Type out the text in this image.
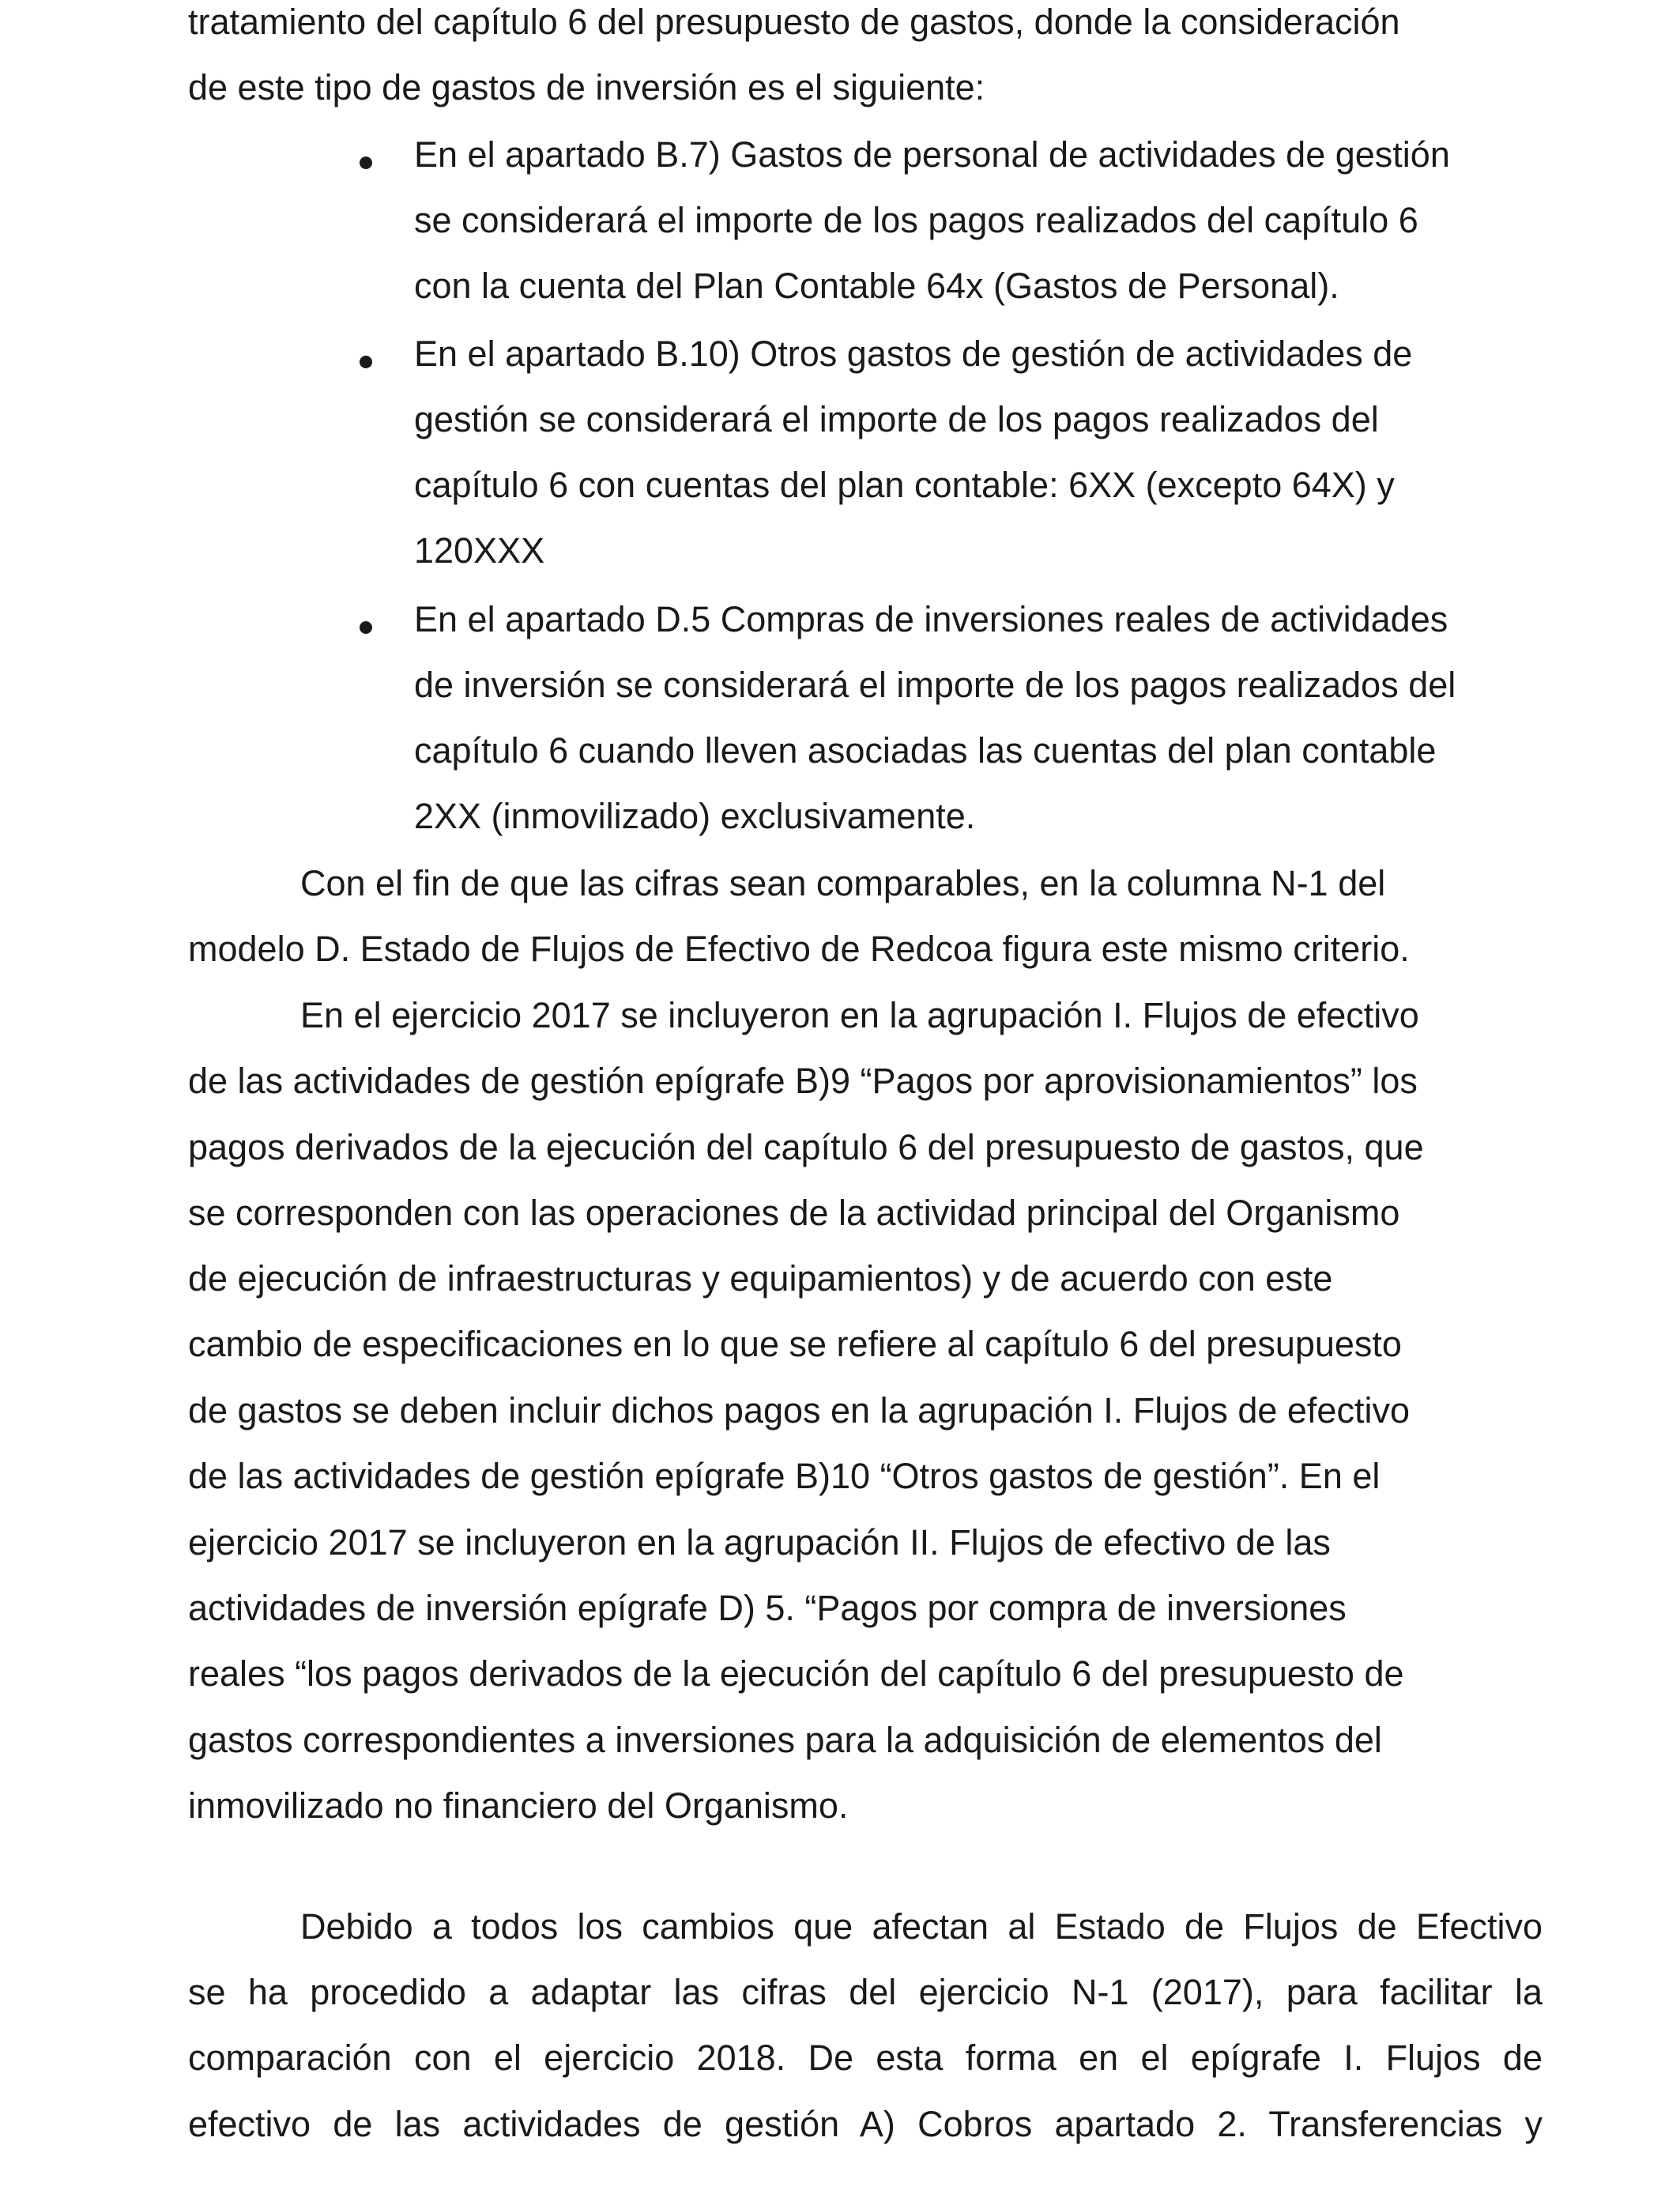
tratamiento del capítulo 6 del presupuesto de gastos, donde la consideración
de este tipo de gastos de inversión es el siguiente:
En el apartado B.7) Gastos de personal de actividades de gestión
se considerará el importe de los pagos realizados del capítulo 6
con la cuenta del Plan Contable 64x (Gastos de Personal).
En el apartado B.10) Otros gastos de gestión de actividades de
gestión se considerará el importe de los pagos realizados del
capítulo 6 con cuentas del plan contable: 6XX (excepto 64X) y
120XXX
En el apartado D.5 Compras de inversiones reales de actividades
de inversión se considerará el importe de los pagos realizados del
capítulo 6 cuando lleven asociadas las cuentas del plan contable
2XX (inmovilizado) exclusivamente.
Con el fin de que las cifras sean comparables, en la columna N-1 del
modelo D. Estado de Flujos de Efectivo de Redcoa figura este mismo criterio.
En el ejercicio 2017 se incluyeron en la agrupación I. Flujos de efectivo
de las actividades de gestión epígrafe B)9 “Pagos por aprovisionamientos” los
pagos derivados de la ejecución del capítulo 6 del presupuesto de gastos, que
se corresponden con las operaciones de la actividad principal del Organismo
de ejecución de infraestructuras y equipamientos) y de acuerdo con este
cambio de especificaciones en lo que se refiere al capítulo 6 del presupuesto
de gastos se deben incluir dichos pagos en la agrupación I. Flujos de efectivo
de las actividades de gestión epígrafe B)10 “Otros gastos de gestión”. En el
ejercicio 2017 se incluyeron en la agrupación II. Flujos de efectivo de las
actividades de inversión epígrafe D) 5. “Pagos por compra de inversiones
reales “los pagos derivados de la ejecución del capítulo 6 del presupuesto de
gastos correspondientes a inversiones para la adquisición de elementos del
inmovilizado no financiero del Organismo.
Debido a todos los cambios que afectan al Estado de Flujos de Efectivo
se ha procedido a adaptar las cifras del ejercicio N-1 (2017), para facilitar la
comparación con el ejercicio 2018. De esta forma en el epígrafe I. Flujos de
efectivo de las actividades de gestión A) Cobros apartado 2. Transferencias y
